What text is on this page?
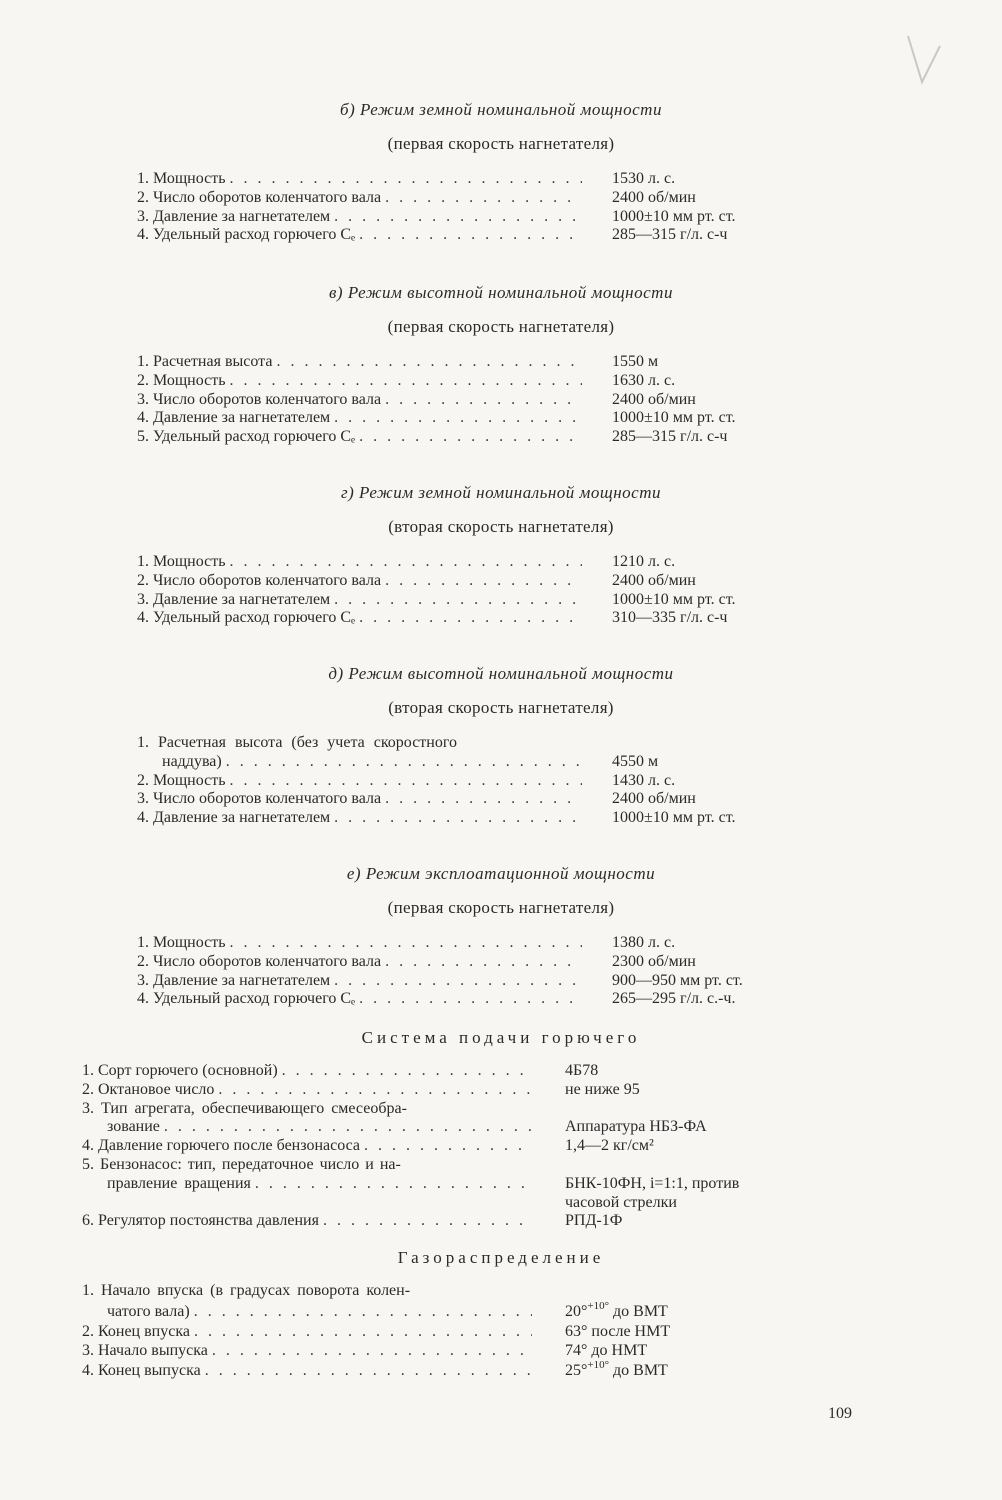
б) Режим земной номинальной мощности
(первая скорость нагнетателя)
1. Мощность . . .	1530 л. с.
2. Число оборотов коленчатого вала . . .	2400 об/мин
3. Давление за нагнетателем . . .	1000±10 мм рт. ст.
4. Удельный расход горючего Cₑ . . .	285—315 г/л. с-ч
в) Режим высотной номинальной мощности
(первая скорость нагнетателя)
1. Расчетная высота . . .	1550 м
2. Мощность . . .	1630 л. с.
3. Число оборотов коленчатого вала . . .	2400 об/мин
4. Давление за нагнетателем . . .	1000±10 мм рт. ст.
5. Удельный расход горючего Cₑ . . .	285—315 г/л. с-ч
г) Режим земной номинальной мощности
(вторая скорость нагнетателя)
1. Мощность . . .	1210 л. с.
2. Число оборотов коленчатого вала . . .	2400 об/мин
3. Давление за нагнетателем . . .	1000±10 мм рт. ст.
4. Удельный расход горючего Cₑ . . .	310—335 г/л. с-ч
д) Режим высотной номинальной мощности
(вторая скорость нагнетателя)
1. Расчетная высота (без учета скоростного
наддува) . . .	4550 м
2. Мощность . . .	1430 л. с.
3. Число оборотов коленчатого вала . . .	2400 об/мин
4. Давление за нагнетателем . . .	1000±10 мм рт. ст.
е) Режим эксплоатационной мощности
(первая скорость нагнетателя)
1. Мощность . . .	1380 л. с.
2. Число оборотов коленчатого вала . . .	2300 об/мин
3. Давление за нагнетателем . . .	900—950 мм рт. ст.
4. Удельный расход горючего Cₑ . . .	265—295 г/л. с.-ч.
Система подачи горючего
1. Сорт горючего (основной) . . .	4Б78
2. Октановое число . . .	не ниже 95
3. Тип агрегата, обеспечивающего смесеобра-
зование . . .	Аппаратура НБЗ-ФА
4. Давление горючего после бензонасоса . . .	1,4—2 кг/см²
5. Бензонасос: тип, передаточное число и на-
правление вращения . . .	БНК-10ФН, i=1:1, против
часовой стрелки
6. Регулятор постоянства давления . . .	РПД-1Ф
Газораспределение
1. Начало впуска (в градусах поворота колен-
чатого вала) . . .	20°$^{+10^\circ}$ до ВМТ
2. Конец впуска . . .	63° после НМТ
3. Начало выпуска . . .	74° до НМТ
4. Конец выпуска . . .	25°$^{+10^\circ}$ до ВМТ
109
